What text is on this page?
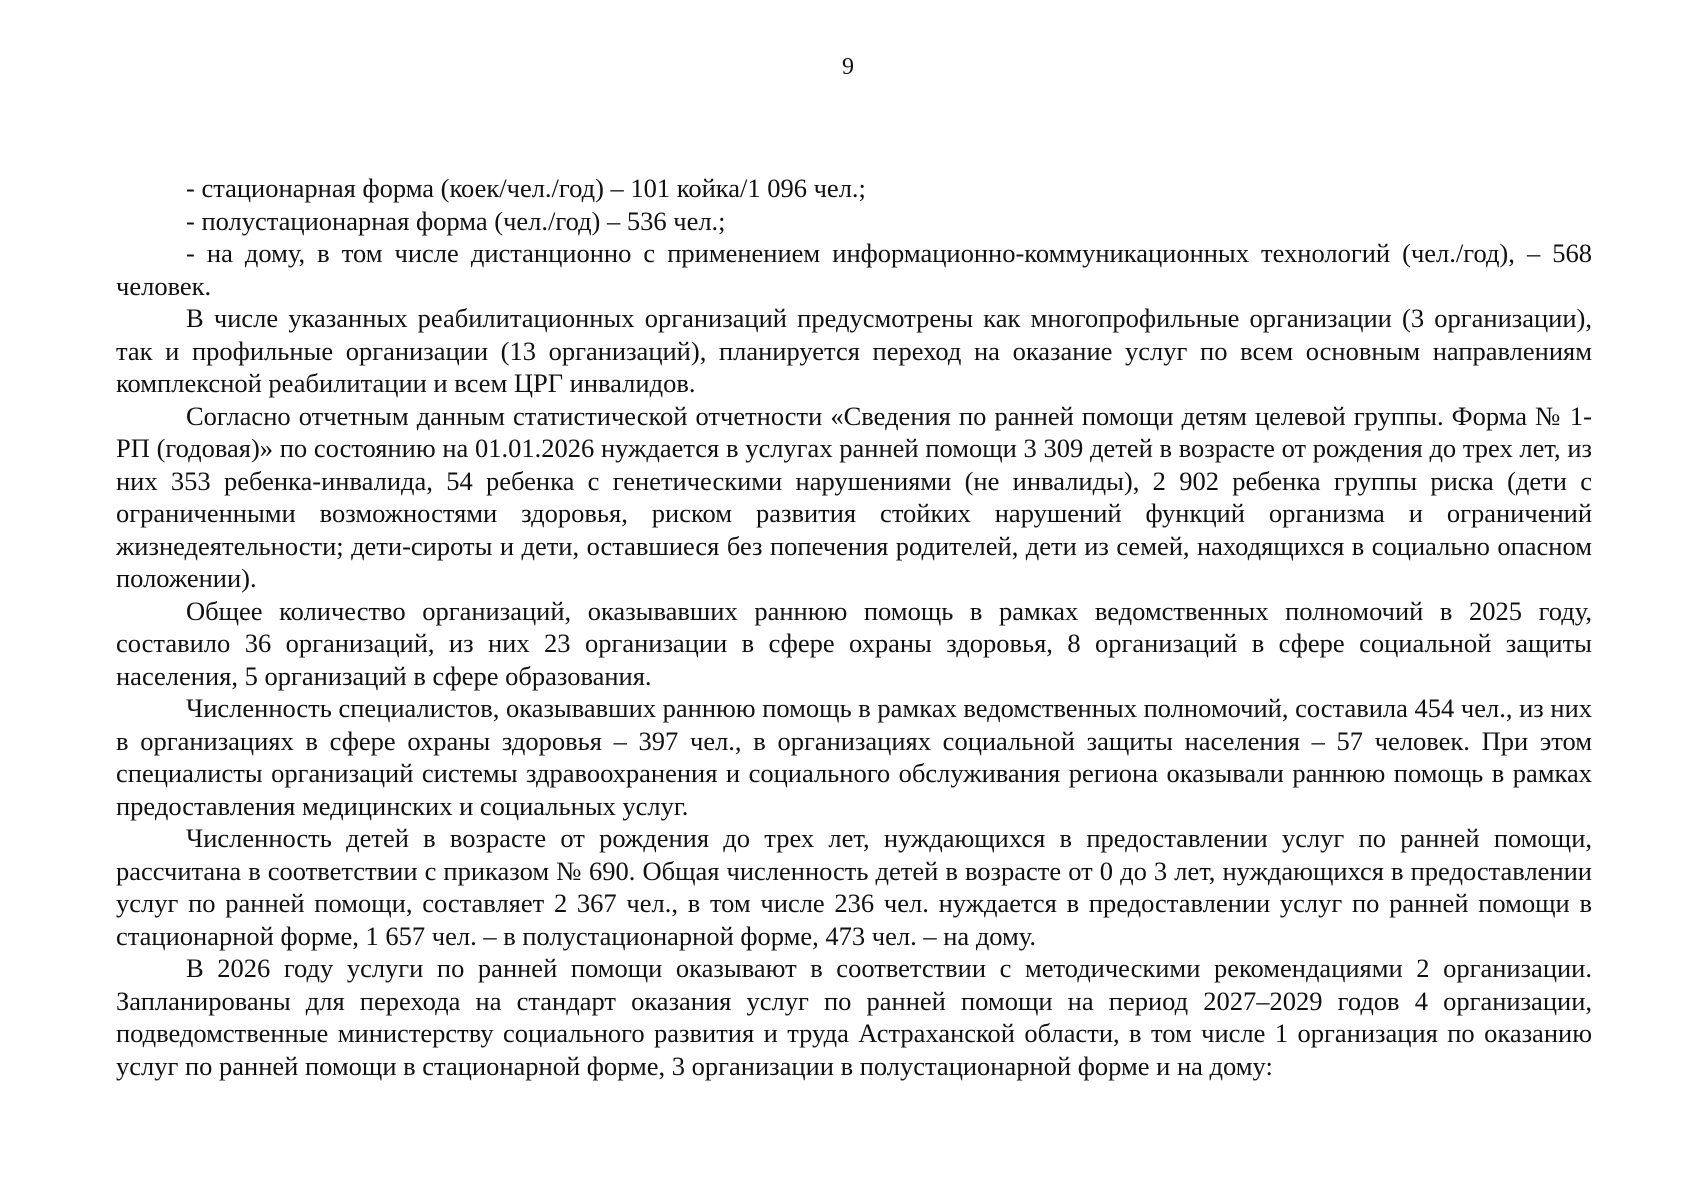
9

- стационарная форма (коек/чел./год) – 101 койка/1 096 чел.;

- полустационарная форма (чел./год) – 536 чел.;

- на дому, в том числе дистанционно с применением информационно-коммуникационных технологий (чел./год), – 568 человек.

В числе указанных реабилитационных организаций предусмотрены как многопрофильные организации (3 организации), так и профильные организации (13 организаций), планируется переход на оказание услуг по всем основным направлениям комплексной реабилитации и всем ЦРГ инвалидов.

Согласно отчетным данным статистической отчетности «Сведения по ранней помощи детям целевой группы. Форма № 1-РП (годовая)» по состоянию на 01.01.2026 нуждается в услугах ранней помощи 3 309 детей в возрасте от рождения до трех лет, из них 353 ребенка-инвалида, 54 ребенка с генетическими нарушениями (не инвалиды), 2 902 ребенка группы риска (дети с ограниченными возможностями здоровья, риском развития стойких нарушений функций организма и ограничений жизнедеятельности; дети-сироты и дети, оставшиеся без попечения родителей, дети из семей, находящихся в социально опасном положении).

Общее количество организаций, оказывавших раннюю помощь в рамках ведомственных полномочий в 2025 году, составило 36 организаций, из них 23 организации в сфере охраны здоровья, 8 организаций в сфере социальной защиты населения, 5 организаций в сфере образования.

Численность специалистов, оказывавших раннюю помощь в рамках ведомственных полномочий, составила 454 чел., из них в организациях в сфере охраны здоровья – 397 чел., в организациях социальной защиты населения – 57 человек. При этом специалисты организаций системы здравоохранения и социального обслуживания региона оказывали раннюю помощь в рамках предоставления медицинских и социальных услуг.

Численность детей в возрасте от рождения до трех лет, нуждающихся в предоставлении услуг по ранней помощи, рассчитана в соответствии с приказом № 690. Общая численность детей в возрасте от 0 до 3 лет, нуждающихся в предоставлении услуг по ранней помощи, составляет 2 367 чел., в том числе 236 чел. нуждается в предоставлении услуг по ранней помощи в стационарной форме, 1 657 чел. – в полустационарной форме, 473 чел. – на дому.

В 2026 году услуги по ранней помощи оказывают в соответствии с методическими рекомендациями 2 организации. Запланированы для перехода на стандарт оказания услуг по ранней помощи на период 2027–2029 годов 4 организации, подведомственные министерству социального развития и труда Астраханской области, в том числе 1 организация по оказанию услуг по ранней помощи в стационарной форме, 3 организации в полустационарной форме и на дому:
